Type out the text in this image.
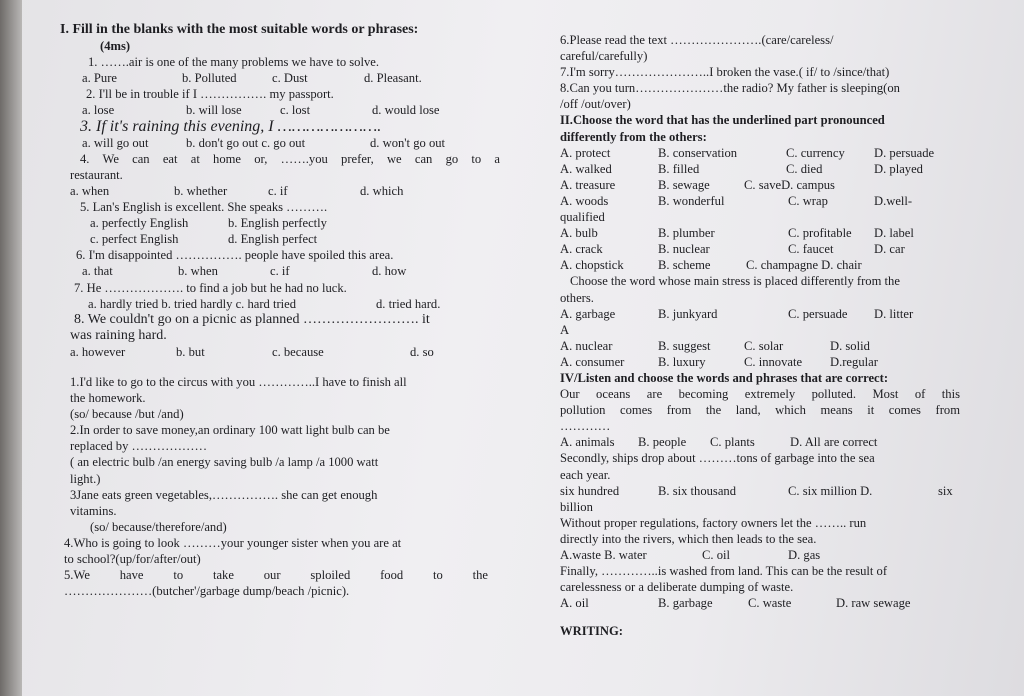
I. Fill in the blanks with the most suitable words or phrases:
(4ms)
1. …….air is one of the many problems we have to solve.
a. Pure	b. Polluted	c. Dust	d. Pleasant.
2. I'll be in trouble if I ……………. my passport.
a. lose	b. will lose	c. lost	d. would lose
3. If it's raining this evening, I ………………….
a. will go out	b. don't go out c. go out	d. won't go out
4. We can eat at home or, …….you prefer, we can go to a
restaurant.
a. when	b. whether	c. if	d. which
5. Lan's English is excellent. She speaks ……….
a. perfectly English	b. English perfectly
c. perfect English	d. English perfect
6. I'm disappointed ……………. people have spoiled this area.
a. that	b. when	c. if	d. how
7. He ………………. to find a job but he had no luck.
a. hardly tried b. tried hardly c. hard tried	d. tried hard.
8. We couldn't go on a picnic as planned ……………………. it
was raining hard.
a. however	b. but	c. because	d. so
1.I'd like to go to the circus with you …………..I have to finish all
the homework.
(so/ because /but /and)
2.In order to save money,an ordinary 100 watt light bulb can be
replaced by ………………
( an electric bulb /an energy saving bulb /a lamp /a 1000 watt
light.)
3Jane eats green vegetables,……………. she can get enough
vitamins.
(so/ because/therefore/and)
4.Who is going to look ………your younger sister when you are at
to school?(up/for/after/out)
5.We have to take our sploiled food to the
…………………(butcher'/garbage dump/beach /picnic).
6.Please read the text ………………….(care/careless/
careful/carefully)
7.I'm sorry…………………..I broken the vase.( if/ to /since/that)
8.Can you turn…………………the radio? My father is sleeping(on
/off /out/over)
II.Choose the word that has the underlined part pronounced
differently from the others:
A. protect	B. conservation	C. currency	D. persuade
A. walked	B. filled	C. died	D. played
A. treasure	B. sewage	C. saveD. campus
A. woods	B. wonderful	C. wrap	D.well-
qualified
A. bulb	B. plumber	C. profitable	D. label
A. crack	B. nuclear	C. faucet	D. car
A. chopstick	B. scheme	C. champagne D. chair
Choose the word whose main stress is placed differently from the
others.
A. garbage	B. junkyard	C. persuade	D. litter
A
A. nuclear	B. suggest	C. solar	D. solid
A. consumer	B. luxury	C. innovate	D.regular
IV/Listen and choose the words and phrases that are correct:
Our oceans are becoming extremely polluted. Most of this
pollution comes from the land, which means it comes from
…………
A. animals	B. people	C. plants	D. All are correct
Secondly, ships drop about ………tons of garbage into the sea
each year.
six hundred	B. six thousand	C. six million D.	six
billion
Without proper regulations, factory owners let the …….. run
directly into the rivers, which then leads to the sea.
A.waste B. water	C. oil	D. gas
Finally, …………..is washed from land. This can be the result of
carelessness or a deliberate dumping of waste.
A. oil	B. garbage	C. waste	D. raw sewage
WRITING:
